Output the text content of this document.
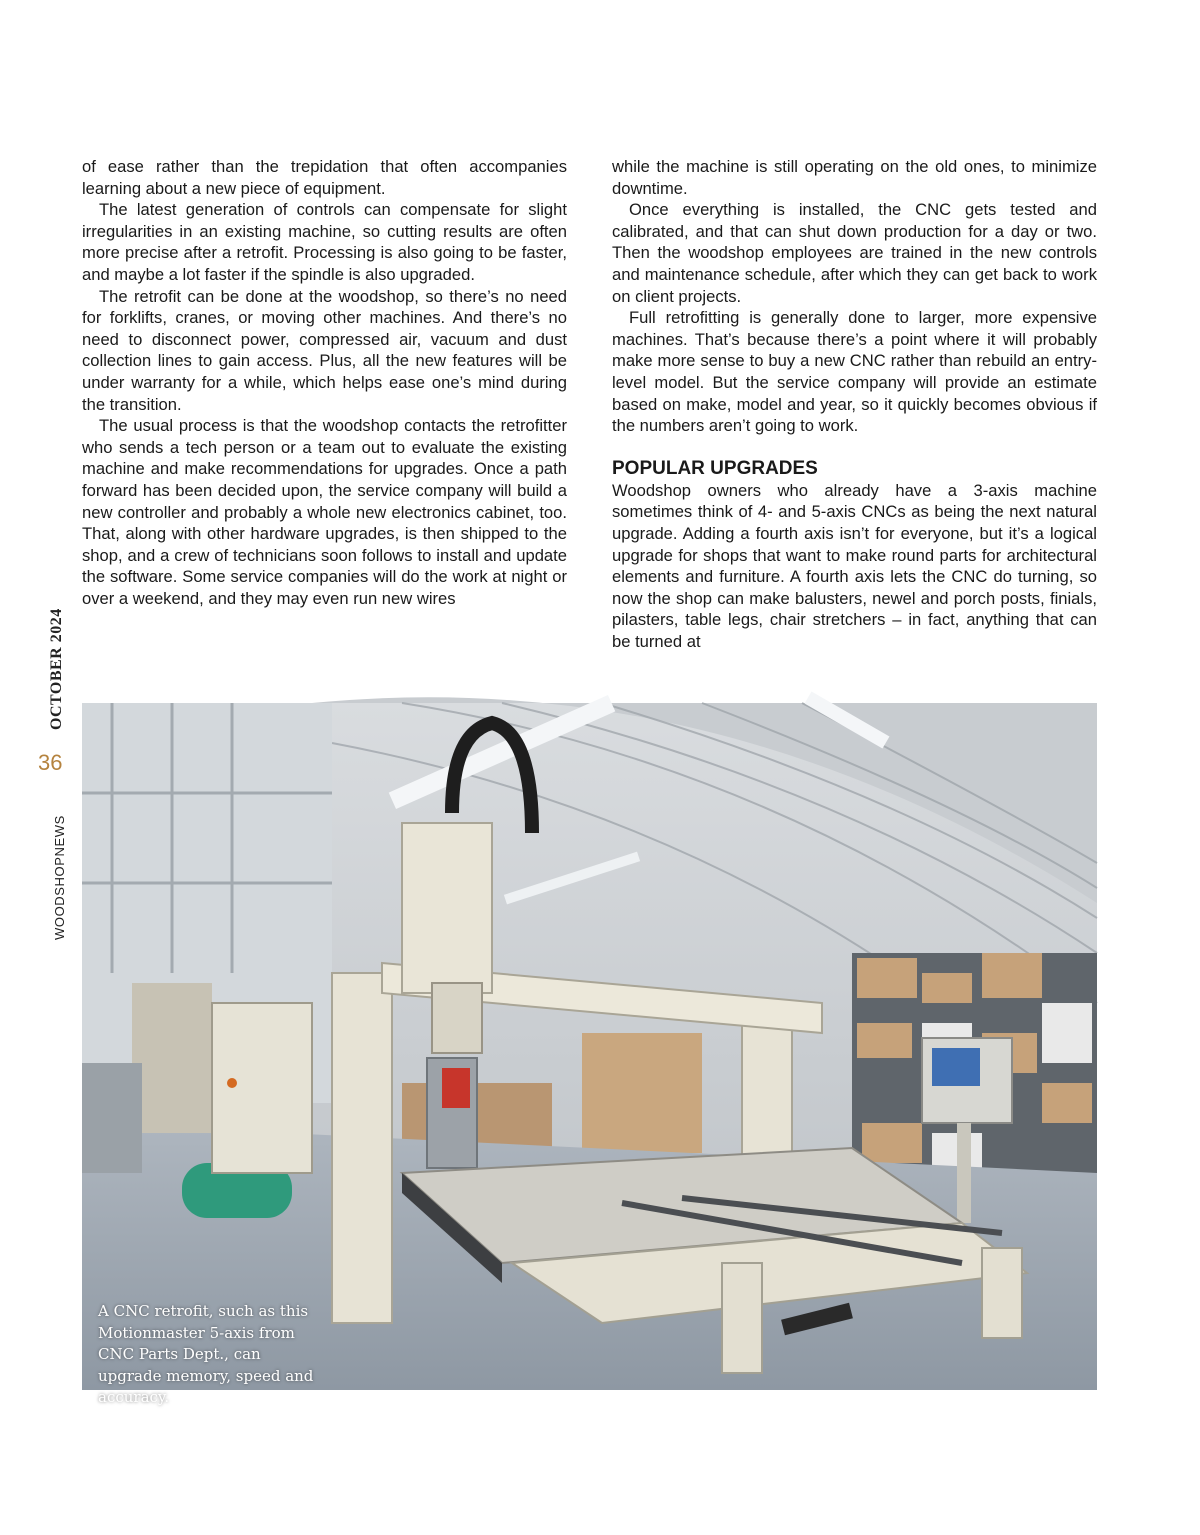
OCTOBER 2024
36
WOODSHOPNEWS

of ease rather than the trepidation that often accompanies learning about a new piece of equipment.

The latest generation of controls can compensate for slight irregularities in an existing machine, so cutting results are often more precise after a retrofit. Processing is also going to be faster, and maybe a lot faster if the spindle is also upgraded.

The retrofit can be done at the woodshop, so there’s no need for forklifts, cranes, or moving other machines. And there’s no need to disconnect power, compressed air, vacuum and dust collection lines to gain access. Plus, all the new features will be under warranty for a while, which helps ease one’s mind during the transition.

The usual process is that the woodshop contacts the retrofitter who sends a tech person or a team out to evaluate the existing machine and make recommendations for upgrades. Once a path forward has been decided upon, the service company will build a new controller and probably a whole new electronics cabinet, too. That, along with other hardware upgrades, is then shipped to the shop, and a crew of technicians soon follows to install and update the software. Some service companies will do the work at night or over a weekend, and they may even run new wires

while the machine is still operating on the old ones, to minimize downtime.

Once everything is installed, the CNC gets tested and calibrated, and that can shut down production for a day or two. Then the woodshop employees are trained in the new controls and maintenance schedule, after which they can get back to work on client projects.

Full retrofitting is generally done to larger, more expensive machines. That’s because there’s a point where it will probably make more sense to buy a new CNC rather than rebuild an entry-level model. But the service company will provide an estimate based on make, model and year, so it quickly becomes obvious if the numbers aren’t going to work.

POPULAR UPGRADES

Woodshop owners who already have a 3-axis machine sometimes think of 4- and 5-axis CNCs as being the next natural upgrade. Adding a fourth axis isn’t for everyone, but it’s a logical upgrade for shops that want to make round parts for architectural elements and furniture. A fourth axis lets the CNC do turning, so now the shop can make balusters, newel and porch posts, finials, pilasters, table legs, chair stretchers – in fact, anything that can be turned at

A CNC retrofit, such as this Motionmaster 5-axis from CNC Parts Dept., can upgrade memory, speed and accuracy.
